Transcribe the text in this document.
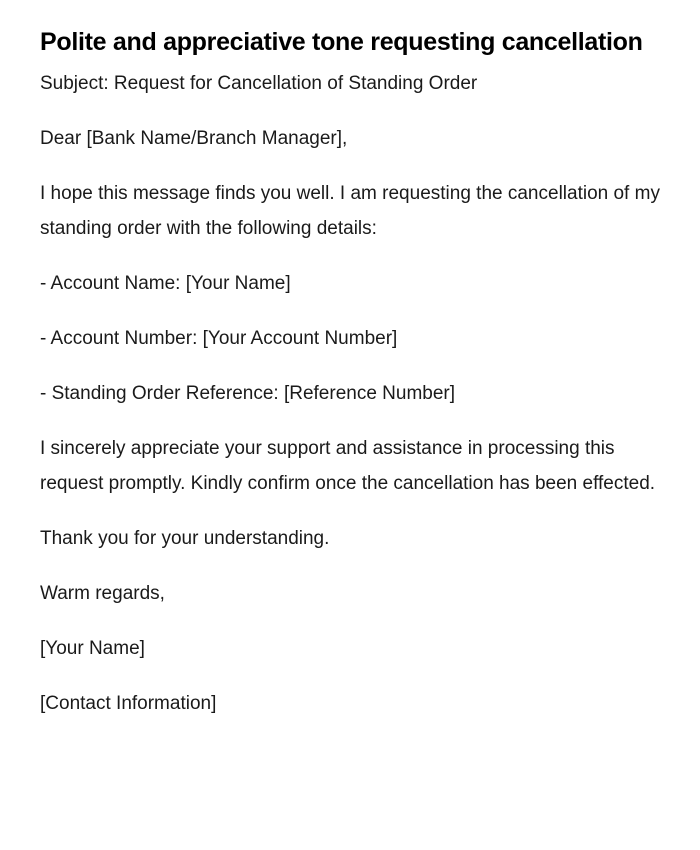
Polite and appreciative tone requesting cancellation

Subject: Request for Cancellation of Standing Order

Dear [Bank Name/Branch Manager],

I hope this message finds you well. I am requesting the cancellation of my standing order with the following details:

- Account Name: [Your Name]

- Account Number: [Your Account Number]

- Standing Order Reference: [Reference Number]

I sincerely appreciate your support and assistance in processing this request promptly. Kindly confirm once the cancellation has been effected.

Thank you for your understanding.

Warm regards,

[Your Name]

[Contact Information]
